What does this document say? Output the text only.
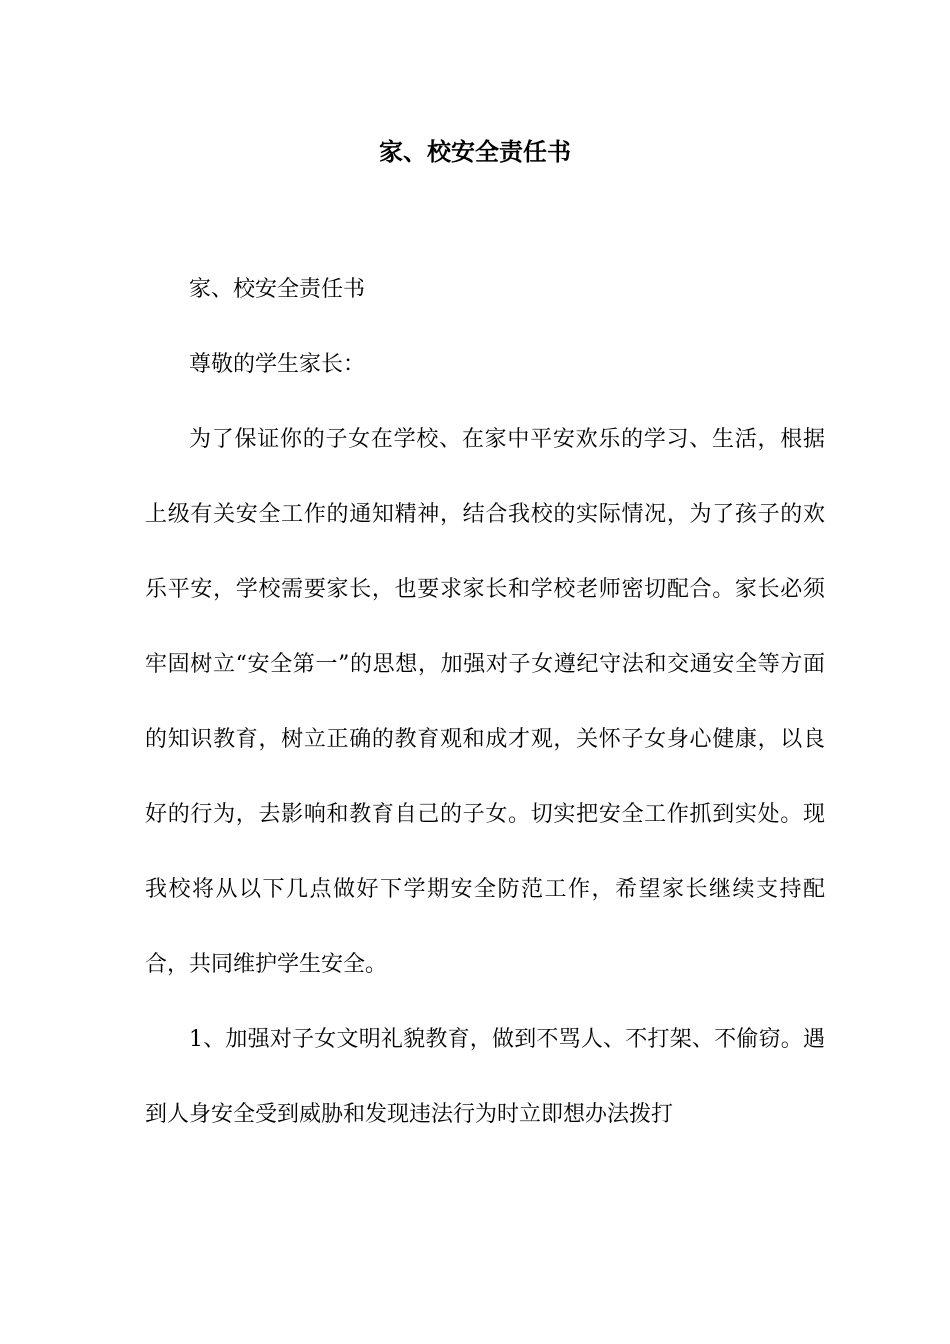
家、校安全责任书

家、校安全责任书

尊敬的学生家长：

为了保证你的子女在学校、在家中平安欢乐的学习、生活，根据上级有关安全工作的通知精神，结合我校的实际情况，为了孩子的欢乐平安，学校需要家长，也要求家长和学校老师密切配合。家长必须牢固树立“安全第一”的思想，加强对子女遵纪守法和交通安全等方面的知识教育，树立正确的教育观和成才观，关怀子女身心健康，以良好的行为，去影响和教育自己的子女。切实把安全工作抓到实处。现我校将从以下几点做好下学期安全防范工作，希望家长继续支持配合，共同维护学生安全。

1、加强对子女文明礼貌教育，做到不骂人、不打架、不偷窃。遇到人身安全受到威胁和发现违法行为时立即想办法拨打
